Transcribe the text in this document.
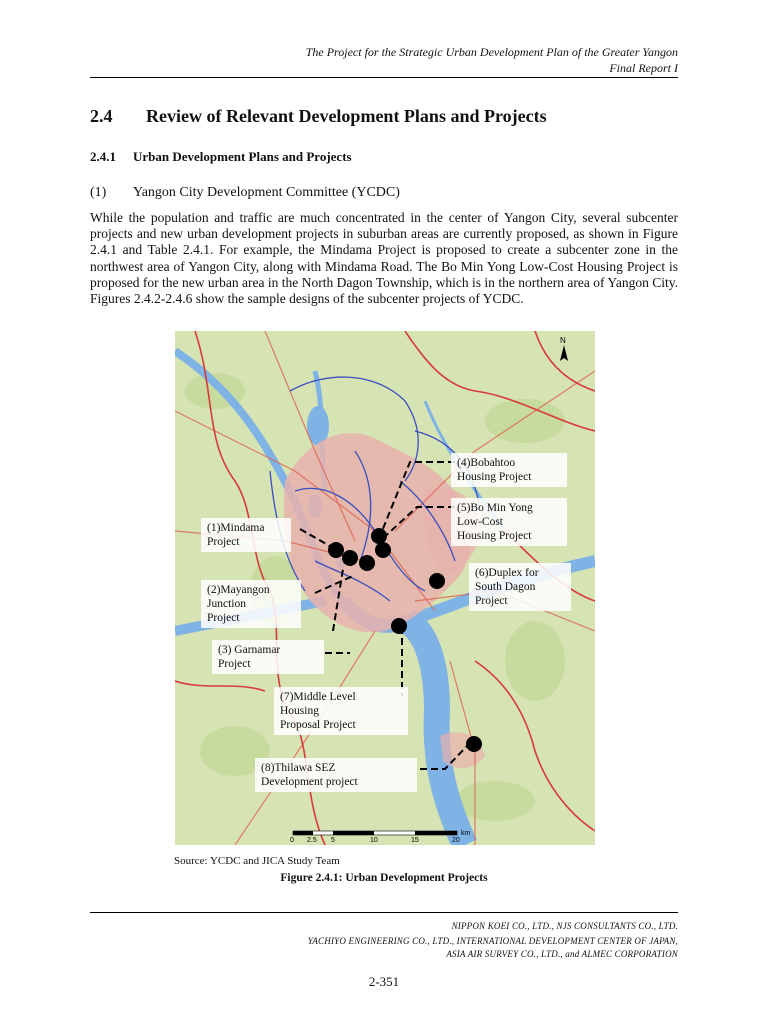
The Project for the Strategic Urban Development Plan of the Greater Yangon
Final Report I
2.4 Review of Relevant Development Plans and Projects
2.4.1 Urban Development Plans and Projects
(1) Yangon City Development Committee (YCDC)

While the population and traffic are much concentrated in the center of Yangon City, several subcenter projects and new urban development projects in suburban areas are currently proposed, as shown in Figure 2.4.1 and Table 2.4.1. For example, the Mindama Project is proposed to create a subcenter zone in the northwest area of Yangon City, along with Mindama Road. The Bo Min Yong Low-Cost Housing Project is proposed for the new urban area in the North Dagon Township, which is in the northern area of Yangon City. Figures 2.4.2-2.4.6 show the sample designs of the subcenter projects of YCDC.

N
0 2.5 5	10	15	20
km
(4)Bobahtoo
Housing Project
(5)Bo Min Yong
Low-Cost
Housing Project
(1)Mindama
Project
(6)Duplex for
South Dagon
Project
(2)Mayangon
Junction
Project
(3) Garnamar
Project
(7)Middle Level
Housing
Proposal Project
(8)Thilawa SEZ
Development project
Source: YCDC and JICA Study Team
Figure 2.4.1: Urban Development Projects
NIPPON KOEI CO., LTD., NJS CONSULTANTS CO., LTD.
YACHIYO ENGINEERING CO., LTD., INTERNATIONAL DEVELOPMENT CENTER OF JAPAN,
ASIA AIR SURVEY CO., LTD., and ALMEC CORPORATION
2-351
